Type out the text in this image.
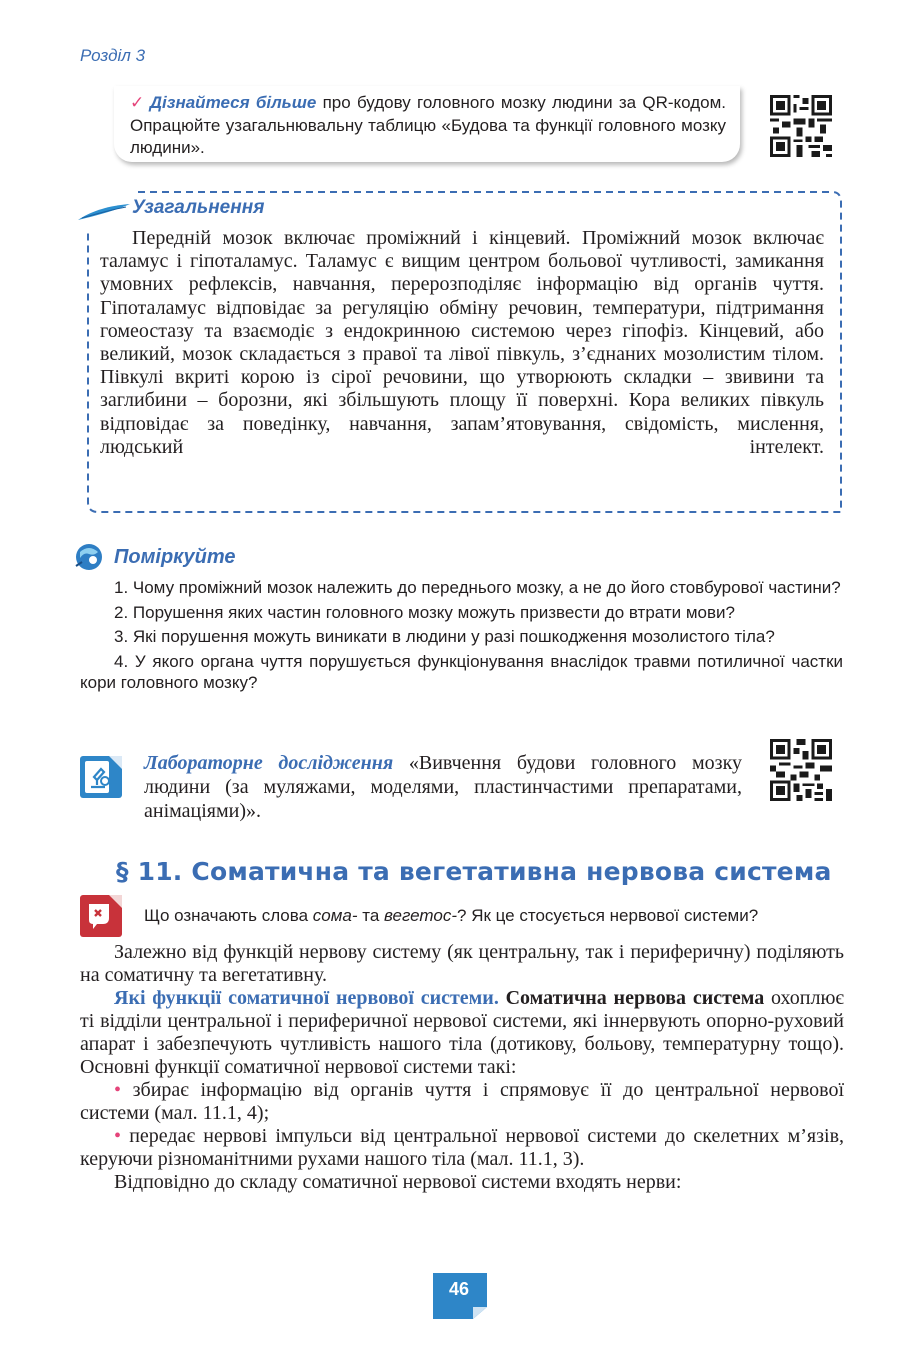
Розділ 3
✓ Дізнайтеся більше про будову головного мозку людини за QR-кодом. Опрацюйте узагальнювальну таблицю «Будова та функції головного мозку людини».
Узагальнення
Передній мозок включає проміжний і кінцевий. Проміжний мозок включає таламус і гіпоталамус. Таламус є вищим центром больової чутливості, замикання умовних рефлексів, навчання, перерозподіляє інформацію від органів чуття. Гіпоталамус відповідає за регуляцію обміну речовин, температури, підтримання гомеостазу та взаємодіє з ендокринною системою через гіпофіз. Кінцевий, або великий, мозок складається з правої та лівої півкуль, з’єднаних мозолистим тілом. Півкулі вкриті корою із сірої речовини, що утворюють складки – звивини та заглибини – борозни, які збільшують площу її поверхні. Кора великих півкуль відповідає за поведінку, навчання, запам’ятовування, свідомість, мислення, людський інтелект.
Поміркуйте

1. Чому проміжний мозок належить до переднього мозку, а не до його стовбурової частини?

2. Порушення яких частин головного мозку можуть призвести до втрати мови?

3. Які порушення можуть виникати в людини у разі пошкодження мозолистого тіла?

4. У якого органа чуття порушується функціонування внаслідок травми потиличної частки кори головного мозку?

Лабораторне дослідження «Вивчення будови головного мозку людини (за муляжами, моделями, пластинчастими препаратами, анімаціями)».
§ 11. Соматична та вегетативна нервова система
Що означають слова сома- та вегетос-? Як це стосується нервової системи?

Залежно від функцій нервову систему (як центральну, так і периферичну) поділяють на соматичну та вегетативну.

Які функції соматичної нервової системи. Соматична нервова система охоплює ті відділи центральної і периферичної нервової системи, які іннервують опорно-руховий апарат і забезпечують чутливість нашого тіла (дотикову, больову, температурну тощо). Основні функції соматичної нервової системи такі:

• збирає інформацію від органів чуття і спрямовує її до центральної нервової системи (мал. 11.1, 4);

• передає нервові імпульси від центральної нервової системи до скелетних м’язів, керуючи різноманітними рухами нашого тіла (мал. 11.1, 3).

Відповідно до складу соматичної нервової системи входять нерви:

46
